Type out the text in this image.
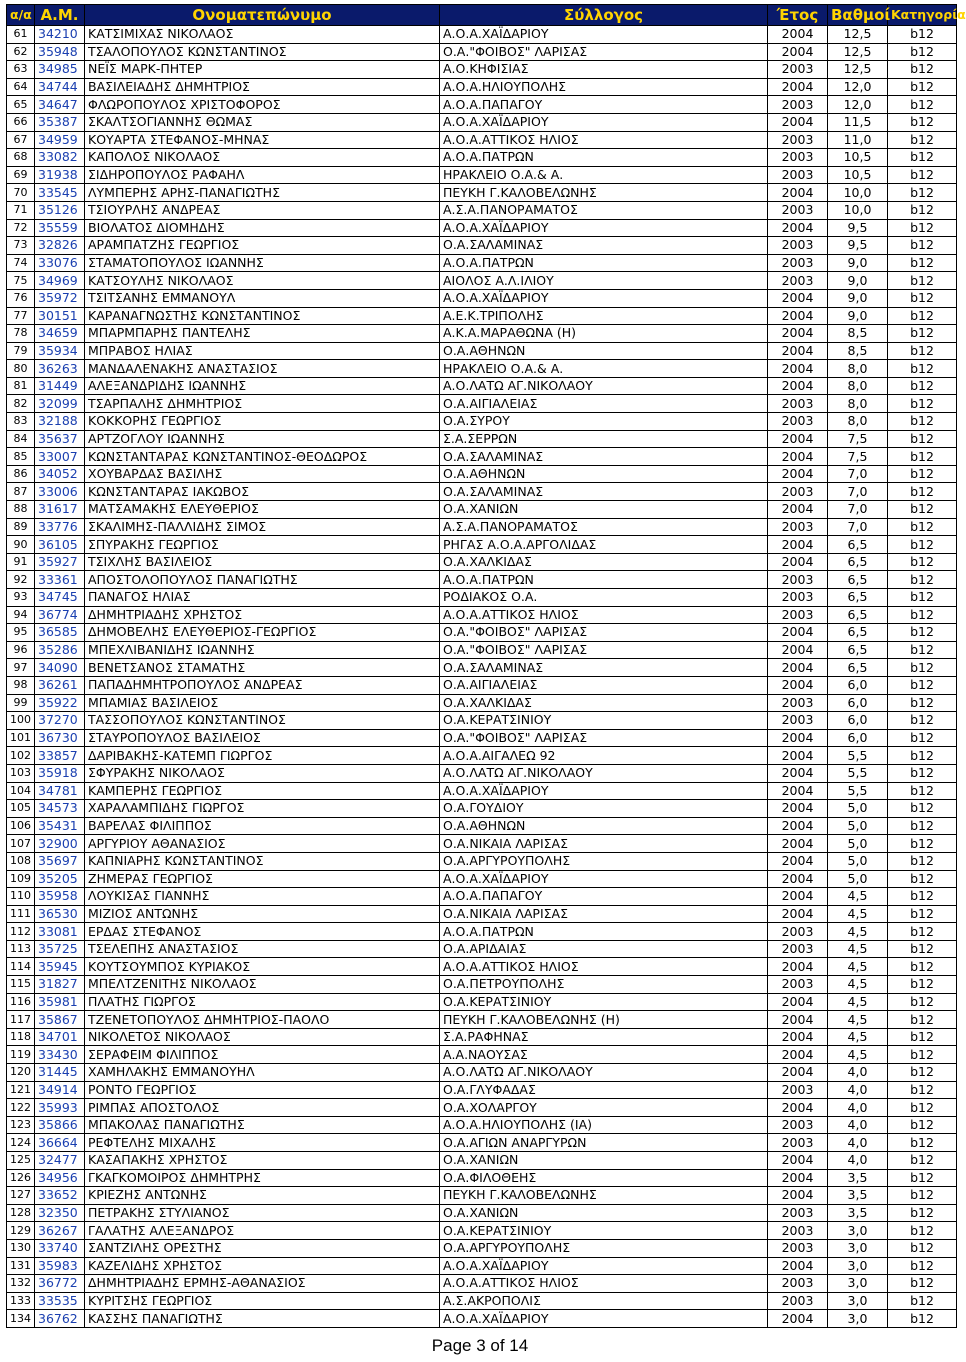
α/α	Α.Μ.	Ονοματεπώνυμο	Σύλλογος	Έτος	Βαθμοί	Κατηγορία
61	34210	ΚΑΤΣΙΜΙΧΑΣ ΝΙΚΟΛΑΟΣ	Α.Ο.Α.ΧΑΪΔΑΡΙΟΥ	2004	12,5	b12
62	35948	ΤΣΑΛΟΠΟΥΛΟΣ ΚΩΝΣΤΑΝΤΙΝΟΣ	Ο.Α."ΦΟΙΒΟΣ" ΛΑΡΙΣΑΣ	2004	12,5	b12
63	34985	ΝΕΪΣ ΜΑΡΚ-ΠΗΤΕΡ	Α.Ο.ΚΗΦΙΣΙΑΣ	2003	12,5	b12
64	34744	ΒΑΣΙΛΕΙΑΔΗΣ ΔΗΜΗΤΡΙΟΣ	Α.Ο.Α.ΗΛΙΟΥΠΟΛΗΣ	2004	12,0	b12
65	34647	ΦΛΩΡΟΠΟΥΛΟΣ ΧΡΙΣΤΟΦΟΡΟΣ	Α.Ο.Α.ΠΑΠΑΓΟΥ	2003	12,0	b12
66	35387	ΣΚΑΛΤΣΟΓΙΑΝΝΗΣ ΘΩΜΑΣ	Α.Ο.Α.ΧΑΪΔΑΡΙΟΥ	2004	11,5	b12
67	34959	ΚΟΥΑΡΤΑ ΣΤΕΦΑΝΟΣ-ΜΗΝΑΣ	Α.Ο.Α.ΑΤΤΙΚΟΣ ΗΛΙΟΣ	2003	11,0	b12
68	33082	ΚΑΠΟΛΟΣ ΝΙΚΟΛΑΟΣ	Α.Ο.Α.ΠΑΤΡΩΝ	2003	10,5	b12
69	31938	ΣΙΔΗΡΟΠΟΥΛΟΣ ΡΑΦΑΗΛ	ΗΡΑΚΛΕΙΟ Ο.Α.& Α.	2003	10,5	b12
70	33545	ΛΥΜΠΕΡΗΣ ΑΡΗΣ-ΠΑΝΑΓΙΩΤΗΣ	ΠΕΥΚΗ Γ.ΚΑΛΟΒΕΛΩΝΗΣ	2004	10,0	b12
71	35126	ΤΣΙΟΥΡΛΗΣ ΑΝΔΡΕΑΣ	Α.Σ.Α.ΠΑΝΟΡΑΜΑΤΟΣ	2003	10,0	b12
72	35559	ΒΙΟΛΑΤΟΣ ΔΙΟΜΗΔΗΣ	Α.Ο.Α.ΧΑΪΔΑΡΙΟΥ	2004	9,5	b12
73	32826	ΑΡΑΜΠΑΤΖΗΣ ΓΕΩΡΓΙΟΣ	Ο.Α.ΣΑΛΑΜΙΝΑΣ	2003	9,5	b12
74	33076	ΣΤΑΜΑΤΟΠΟΥΛΟΣ ΙΩΑΝΝΗΣ	Α.Ο.Α.ΠΑΤΡΩΝ	2003	9,0	b12
75	34969	ΚΑΤΣΟΥΛΗΣ ΝΙΚΟΛΑΟΣ	ΑΙΟΛΟΣ Α.Λ.ΙΛΙΟΥ	2003	9,0	b12
76	35972	ΤΣΙΤΣΑΝΗΣ ΕΜΜΑΝΟΥΛ	Α.Ο.Α.ΧΑΪΔΑΡΙΟΥ	2004	9,0	b12
77	30151	ΚΑΡΑΝΑΓΝΩΣΤΗΣ ΚΩΝΣΤΑΝΤΙΝΟΣ	Α.Ε.Κ.ΤΡΙΠΟΛΗΣ	2004	9,0	b12
78	34659	ΜΠΑΡΜΠΑΡΗΣ ΠΑΝΤΕΛΗΣ	Α.Κ.Α.ΜΑΡΑΘΩΝΑ (Η)	2004	8,5	b12
79	35934	ΜΠΡΑΒΟΣ ΗΛΙΑΣ	Ο.Α.ΑΘΗΝΩΝ	2004	8,5	b12
80	36263	ΜΑΝΔΑΛΕΝΑΚΗΣ ΑΝΑΣΤΑΣΙΟΣ	ΗΡΑΚΛΕΙΟ Ο.Α.& Α.	2004	8,0	b12
81	31449	ΑΛΕΞΑΝΔΡΙΔΗΣ ΙΩΑΝΝΗΣ	Α.Ο.ΛΑΤΩ ΑΓ.ΝΙΚΟΛΑΟΥ	2004	8,0	b12
82	32099	ΤΣΑΡΠΑΛΗΣ ΔΗΜΗΤΡΙΟΣ	Ο.Α.ΑΙΓΙΑΛΕΙΑΣ	2003	8,0	b12
83	32188	ΚΟΚΚΟΡΗΣ ΓΕΩΡΓΙΟΣ	Ο.Α.ΣΥΡΟΥ	2003	8,0	b12
84	35637	ΑΡΤΖΟΓΛΟΥ ΙΩΑΝΝΗΣ	Σ.Α.ΣΕΡΡΩΝ	2004	7,5	b12
85	33007	ΚΩΝΣΤΑΝΤΑΡΑΣ ΚΩΝΣΤΑΝΤΙΝΟΣ-ΘΕΟΔΩΡΟΣ	Ο.Α.ΣΑΛΑΜΙΝΑΣ	2004	7,5	b12
86	34052	ΧΟΥΒΑΡΔΑΣ ΒΑΣΙΛΗΣ	Ο.Α.ΑΘΗΝΩΝ	2004	7,0	b12
87	33006	ΚΩΝΣΤΑΝΤΑΡΑΣ ΙΑΚΩΒΟΣ	Ο.Α.ΣΑΛΑΜΙΝΑΣ	2003	7,0	b12
88	31617	ΜΑΤΣΑΜΑΚΗΣ ΕΛΕΥΘΕΡΙΟΣ	Ο.Α.ΧΑΝΙΩΝ	2004	7,0	b12
89	33776	ΣΚΑΛΙΜΗΣ-ΠΑΛΛΙΔΗΣ ΣΙΜΟΣ	Α.Σ.Α.ΠΑΝΟΡΑΜΑΤΟΣ	2003	7,0	b12
90	36105	ΣΠΥΡΑΚΗΣ ΓΕΩΡΓΙΟΣ	ΡΗΓΑΣ Α.Ο.Α.ΑΡΓΟΛΙΔΑΣ	2004	6,5	b12
91	35927	ΤΣΙΧΛΗΣ ΒΑΣΙΛΕΙΟΣ	Ο.Α.ΧΑΛΚΙΔΑΣ	2004	6,5	b12
92	33361	ΑΠΟΣΤΟΛΟΠΟΥΛΟΣ ΠΑΝΑΓΙΩΤΗΣ	Α.Ο.Α.ΠΑΤΡΩΝ	2003	6,5	b12
93	34745	ΠΑΝΑΓΟΣ ΗΛΙΑΣ	ΡΟΔΙΑΚΟΣ Ο.Α.	2003	6,5	b12
94	36774	ΔΗΜΗΤΡΙΑΔΗΣ ΧΡΗΣΤΟΣ	Α.Ο.Α.ΑΤΤΙΚΟΣ ΗΛΙΟΣ	2003	6,5	b12
95	36585	ΔΗΜΟΒΕΛΗΣ ΕΛΕΥΘΕΡΙΟΣ-ΓΕΩΡΓΙΟΣ	Ο.Α."ΦΟΙΒΟΣ" ΛΑΡΙΣΑΣ	2004	6,5	b12
96	35286	ΜΠΕΧΛΙΒΑΝΙΔΗΣ ΙΩΑΝΝΗΣ	Ο.Α."ΦΟΙΒΟΣ" ΛΑΡΙΣΑΣ	2004	6,5	b12
97	34090	ΒΕΝΕΤΣΑΝΟΣ ΣΤΑΜΑΤΗΣ	Ο.Α.ΣΑΛΑΜΙΝΑΣ	2004	6,5	b12
98	36261	ΠΑΠΑΔΗΜΗΤΡΟΠΟΥΛΟΣ ΑΝΔΡΕΑΣ	Ο.Α.ΑΙΓΙΑΛΕΙΑΣ	2004	6,0	b12
99	35922	ΜΠΑΜΙΑΣ ΒΑΣΙΛΕΙΟΣ	Ο.Α.ΧΑΛΚΙΔΑΣ	2003	6,0	b12
100	37270	ΤΑΣΣΟΠΟΥΛΟΣ ΚΩΝΣΤΑΝΤΙΝΟΣ	Ο.Α.ΚΕΡΑΤΣΙΝΙΟΥ	2003	6,0	b12
101	36730	ΣΤΑΥΡΟΠΟΥΛΟΣ ΒΑΣΙΛΕΙΟΣ	Ο.Α."ΦΟΙΒΟΣ" ΛΑΡΙΣΑΣ	2004	6,0	b12
102	33857	ΔΑΡΙΒΑΚΗΣ-ΚΑΤΕΜΠ ΓΙΩΡΓΟΣ	Α.Ο.Α.ΑΙΓΑΛΕΩ 92	2004	5,5	b12
103	35918	ΣΦΥΡΑΚΗΣ ΝΙΚΟΛΑΟΣ	Α.Ο.ΛΑΤΩ ΑΓ.ΝΙΚΟΛΑΟΥ	2004	5,5	b12
104	34781	ΚΑΜΠΕΡΗΣ ΓΕΩΡΓΙΟΣ	Α.Ο.Α.ΧΑΪΔΑΡΙΟΥ	2004	5,5	b12
105	34573	ΧΑΡΑΛΑΜΠΙΔΗΣ ΓΙΩΡΓΟΣ	Ο.Α.ΓΟΥΔΙΟΥ	2004	5,0	b12
106	35431	ΒΑΡΕΛΑΣ ΦΙΛΙΠΠΟΣ	Ο.Α.ΑΘΗΝΩΝ	2004	5,0	b12
107	32900	ΑΡΓΥΡΙΟΥ ΑΘΑΝΑΣΙΟΣ	Ο.Α.ΝΙΚΑΙΑ ΛΑΡΙΣΑΣ	2004	5,0	b12
108	35697	ΚΑΠΝΙΑΡΗΣ ΚΩΝΣΤΑΝΤΙΝΟΣ	Ο.Α.ΑΡΓΥΡΟΥΠΟΛΗΣ	2004	5,0	b12
109	35205	ΖΗΜΕΡΑΣ ΓΕΩΡΓΙΟΣ	Α.Ο.Α.ΧΑΪΔΑΡΙΟΥ	2004	5,0	b12
110	35958	ΛΟΥΚΙΣΑΣ ΓΙΑΝΝΗΣ	Α.Ο.Α.ΠΑΠΑΓΟΥ	2004	4,5	b12
111	36530	ΜΙΖΙΟΣ ΑΝΤΩΝΗΣ	Ο.Α.ΝΙΚΑΙΑ ΛΑΡΙΣΑΣ	2004	4,5	b12
112	33081	ΕΡΔΑΣ ΣΤΕΦΑΝΟΣ	Α.Ο.Α.ΠΑΤΡΩΝ	2003	4,5	b12
113	35725	ΤΣΕΛΕΠΗΣ ΑΝΑΣΤΑΣΙΟΣ	Ο.Α.ΑΡΙΔΑΙΑΣ	2003	4,5	b12
114	35945	ΚΟΥΤΣΟΥΜΠΟΣ ΚΥΡΙΑΚΟΣ	Α.Ο.Α.ΑΤΤΙΚΟΣ ΗΛΙΟΣ	2004	4,5	b12
115	31827	ΜΠΕΛΤΖΕΝΙΤΗΣ ΝΙΚΟΛΑΟΣ	Ο.Α.ΠΕΤΡΟΥΠΟΛΗΣ	2003	4,5	b12
116	35981	ΠΛΑΤΗΣ ΓΙΩΡΓΟΣ	Ο.Α.ΚΕΡΑΤΣΙΝΙΟΥ	2004	4,5	b12
117	35867	ΤΖΕΝΕΤΟΠΟΥΛΟΣ ΔΗΜΗΤΡΙΟΣ-ΠΑΟΛΟ	ΠΕΥΚΗ Γ.ΚΑΛΟΒΕΛΩΝΗΣ (Η)	2004	4,5	b12
118	34701	ΝΙΚΟΛΕΤΟΣ ΝΙΚΟΛΑΟΣ	Σ.Α.ΡΑΦΗΝΑΣ	2004	4,5	b12
119	33430	ΣΕΡΑΦΕΙΜ ΦΙΛΙΠΠΟΣ	Α.Α.ΝΑΟΥΣΑΣ	2004	4,5	b12
120	31445	ΧΑΜΗΛΑΚΗΣ ΕΜΜΑΝΟΥΗΛ	Α.Ο.ΛΑΤΩ ΑΓ.ΝΙΚΟΛΑΟΥ	2004	4,0	b12
121	34914	ΡΟΝΤΟ ΓΕΩΡΓΙΟΣ	Ο.Α.ΓΛΥΦΑΔΑΣ	2003	4,0	b12
122	35993	ΡΙΜΠΑΣ ΑΠΟΣΤΟΛΟΣ	Ο.Α.ΧΟΛΑΡΓΟΥ	2004	4,0	b12
123	35866	ΜΠΑΚΟΛΑΣ ΠΑΝΑΓΙΩΤΗΣ	Α.Ο.Α.ΗΛΙΟΥΠΟΛΗΣ (ΙΑ)	2003	4,0	b12
124	36664	ΡΕΦΤΕΛΗΣ ΜΙΧΑΛΗΣ	Ο.Α.ΑΓΙΩΝ ΑΝΑΡΓΥΡΩΝ	2003	4,0	b12
125	32477	ΚΑΣΑΠΑΚΗΣ ΧΡΗΣΤΟΣ	Ο.Α.ΧΑΝΙΩΝ	2004	4,0	b12
126	34956	ΓΚΑΓΚΟΜΟΙΡΟΣ ΔΗΜΗΤΡΗΣ	Ο.Α.ΦΙΛΟΘΕΗΣ	2004	3,5	b12
127	33652	ΚΡΙΕΖΗΣ ΑΝΤΩΝΗΣ	ΠΕΥΚΗ Γ.ΚΑΛΟΒΕΛΩΝΗΣ	2004	3,5	b12
128	32350	ΠΕΤΡΑΚΗΣ ΣΤΥΛΙΑΝΟΣ	Ο.Α.ΧΑΝΙΩΝ	2003	3,5	b12
129	36267	ΓΑΛΑΤΗΣ ΑΛΕΞΑΝΔΡΟΣ	Ο.Α.ΚΕΡΑΤΣΙΝΙΟΥ	2003	3,0	b12
130	33740	ΣΑΝΤΖΙΛΗΣ ΟΡΕΣΤΗΣ	Ο.Α.ΑΡΓΥΡΟΥΠΟΛΗΣ	2003	3,0	b12
131	35983	ΚΑΖΕΛΙΔΗΣ ΧΡΗΣΤΟΣ	Α.Ο.Α.ΧΑΪΔΑΡΙΟΥ	2004	3,0	b12
132	36772	ΔΗΜΗΤΡΙΑΔΗΣ ΕΡΜΗΣ-ΑΘΑΝΑΣΙΟΣ	Α.Ο.Α.ΑΤΤΙΚΟΣ ΗΛΙΟΣ	2003	3,0	b12
133	33535	ΚΥΡΙΤΣΗΣ ΓΕΩΡΓΙΟΣ	Α.Σ.ΑΚΡΟΠΟΛΙΣ	2003	3,0	b12
134	36762	ΚΑΣΣΗΣ ΠΑΝΑΓΙΩΤΗΣ	Α.Ο.Α.ΧΑΪΔΑΡΙΟΥ	2004	3,0	b12
Page 3 of 14
